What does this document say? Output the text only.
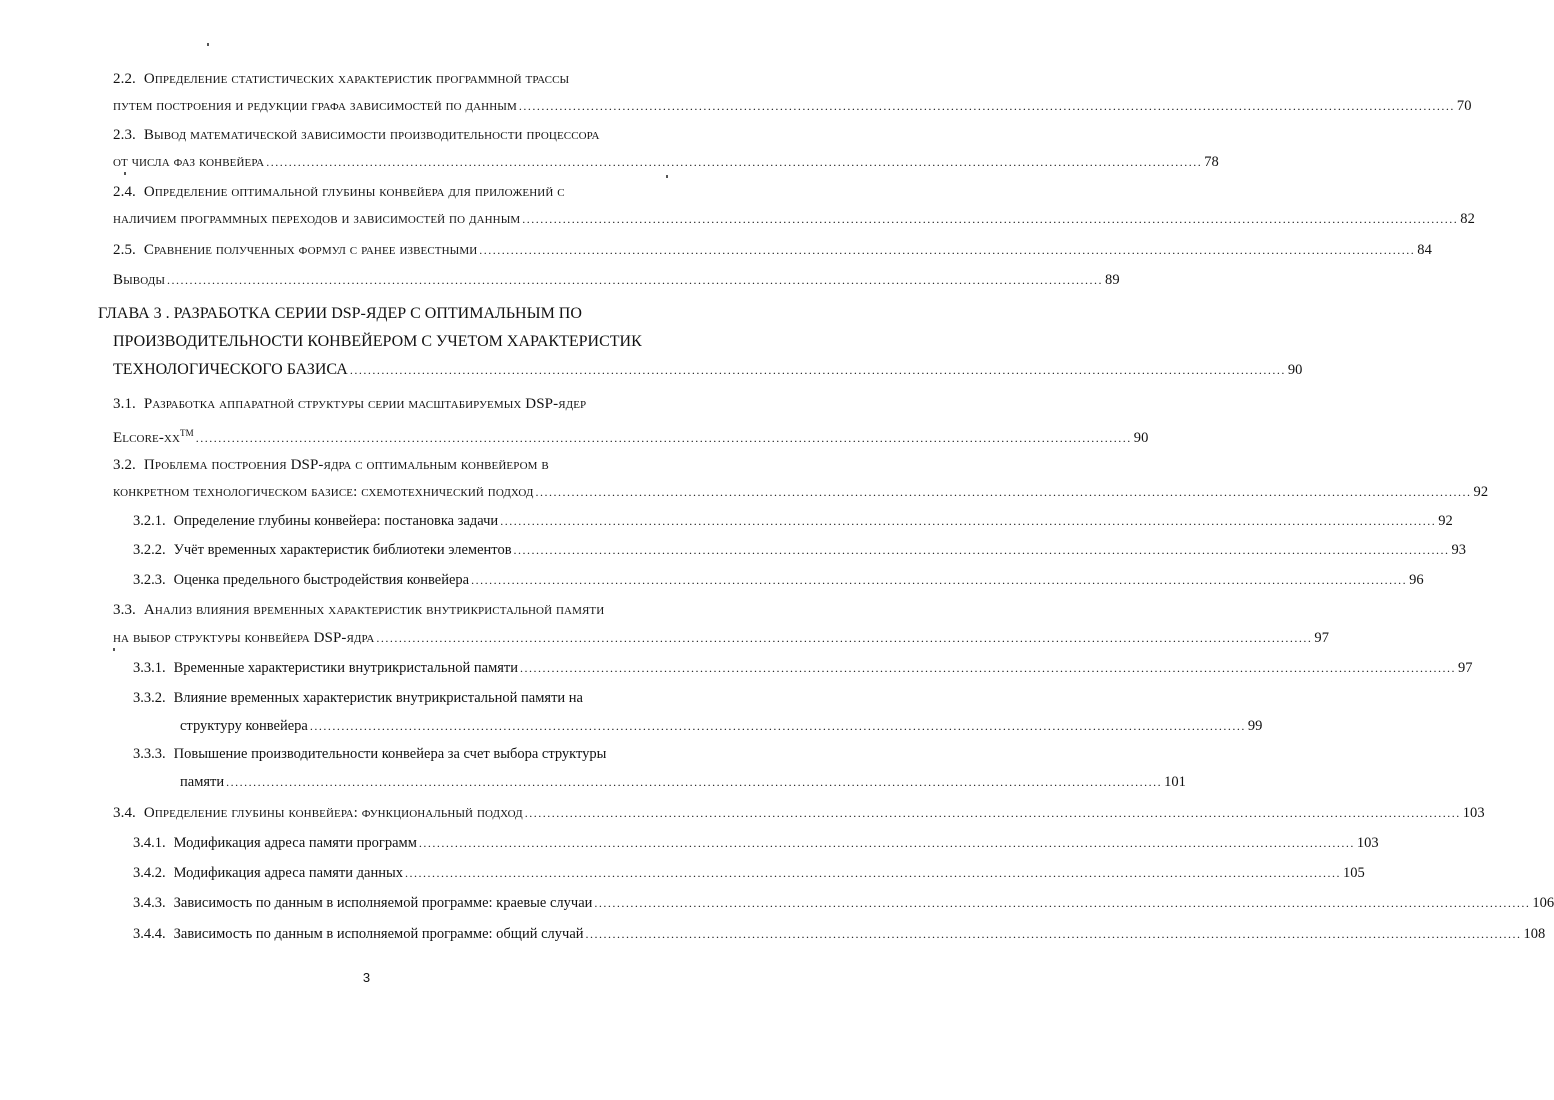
2.2. Определение статистических характеристик программной трассы
путем построения и редукции графа зависимостей по данным .....	70
2.3. Вывод математической зависимости производительности процессора
от числа фаз конвейера .....	78
2.4. Определение оптимальной глубины конвейера для приложений с
наличием программных переходов и зависимостей по данным .....	82
2.5. Сравнение полученных формул с ранее известными .....	84
Выводы .....	89
ГЛАВА 3 . РАЗРАБОТКА СЕРИИ DSP-ЯДЕР С ОПТИМАЛЬНЫМ ПО
ПРОИЗВОДИТЕЛЬНОСТИ КОНВЕЙЕРОМ С УЧЕТОМ ХАРАКТЕРИСТИК
ТЕХНОЛОГИЧЕСКОГО БАЗИСА .....	90
3.1. Разработка аппаратной структуры серии масштабируемых DSP-ядер
Elcore-xx™ .....	90
3.2. Проблема построения DSP-ядра с оптимальным конвейером в
конкретном технологическом базисе: схемотехнический подход .....	92
3.2.1. Определение глубины конвейера: постановка задачи .....	92
3.2.2. Учёт временных характеристик библиотеки элементов .....	93
3.2.3. Оценка предельного быстродействия конвейера .....	96
3.3. Анализ влияния временных характеристик внутрикристальной памяти
на выбор структуры конвейера DSP-ядра .....	97
3.3.1. Временные характеристики внутрикристальной памяти .....	97
3.3.2. Влияние временных характеристик внутрикристальной памяти на
структуру конвейера .....	99
3.3.3. Повышение производительности конвейера за счет выбора структуры
памяти .....	101
3.4. Определение глубины конвейера: функциональный подход .....	103
3.4.1. Модификация адреса памяти программ .....	103
3.4.2. Модификация адреса памяти данных .....	105
3.4.3. Зависимость по данным в исполняемой программе: краевые случаи .....	106
3.4.4. Зависимость по данным в исполняемой программе: общий случай .....	108
3
